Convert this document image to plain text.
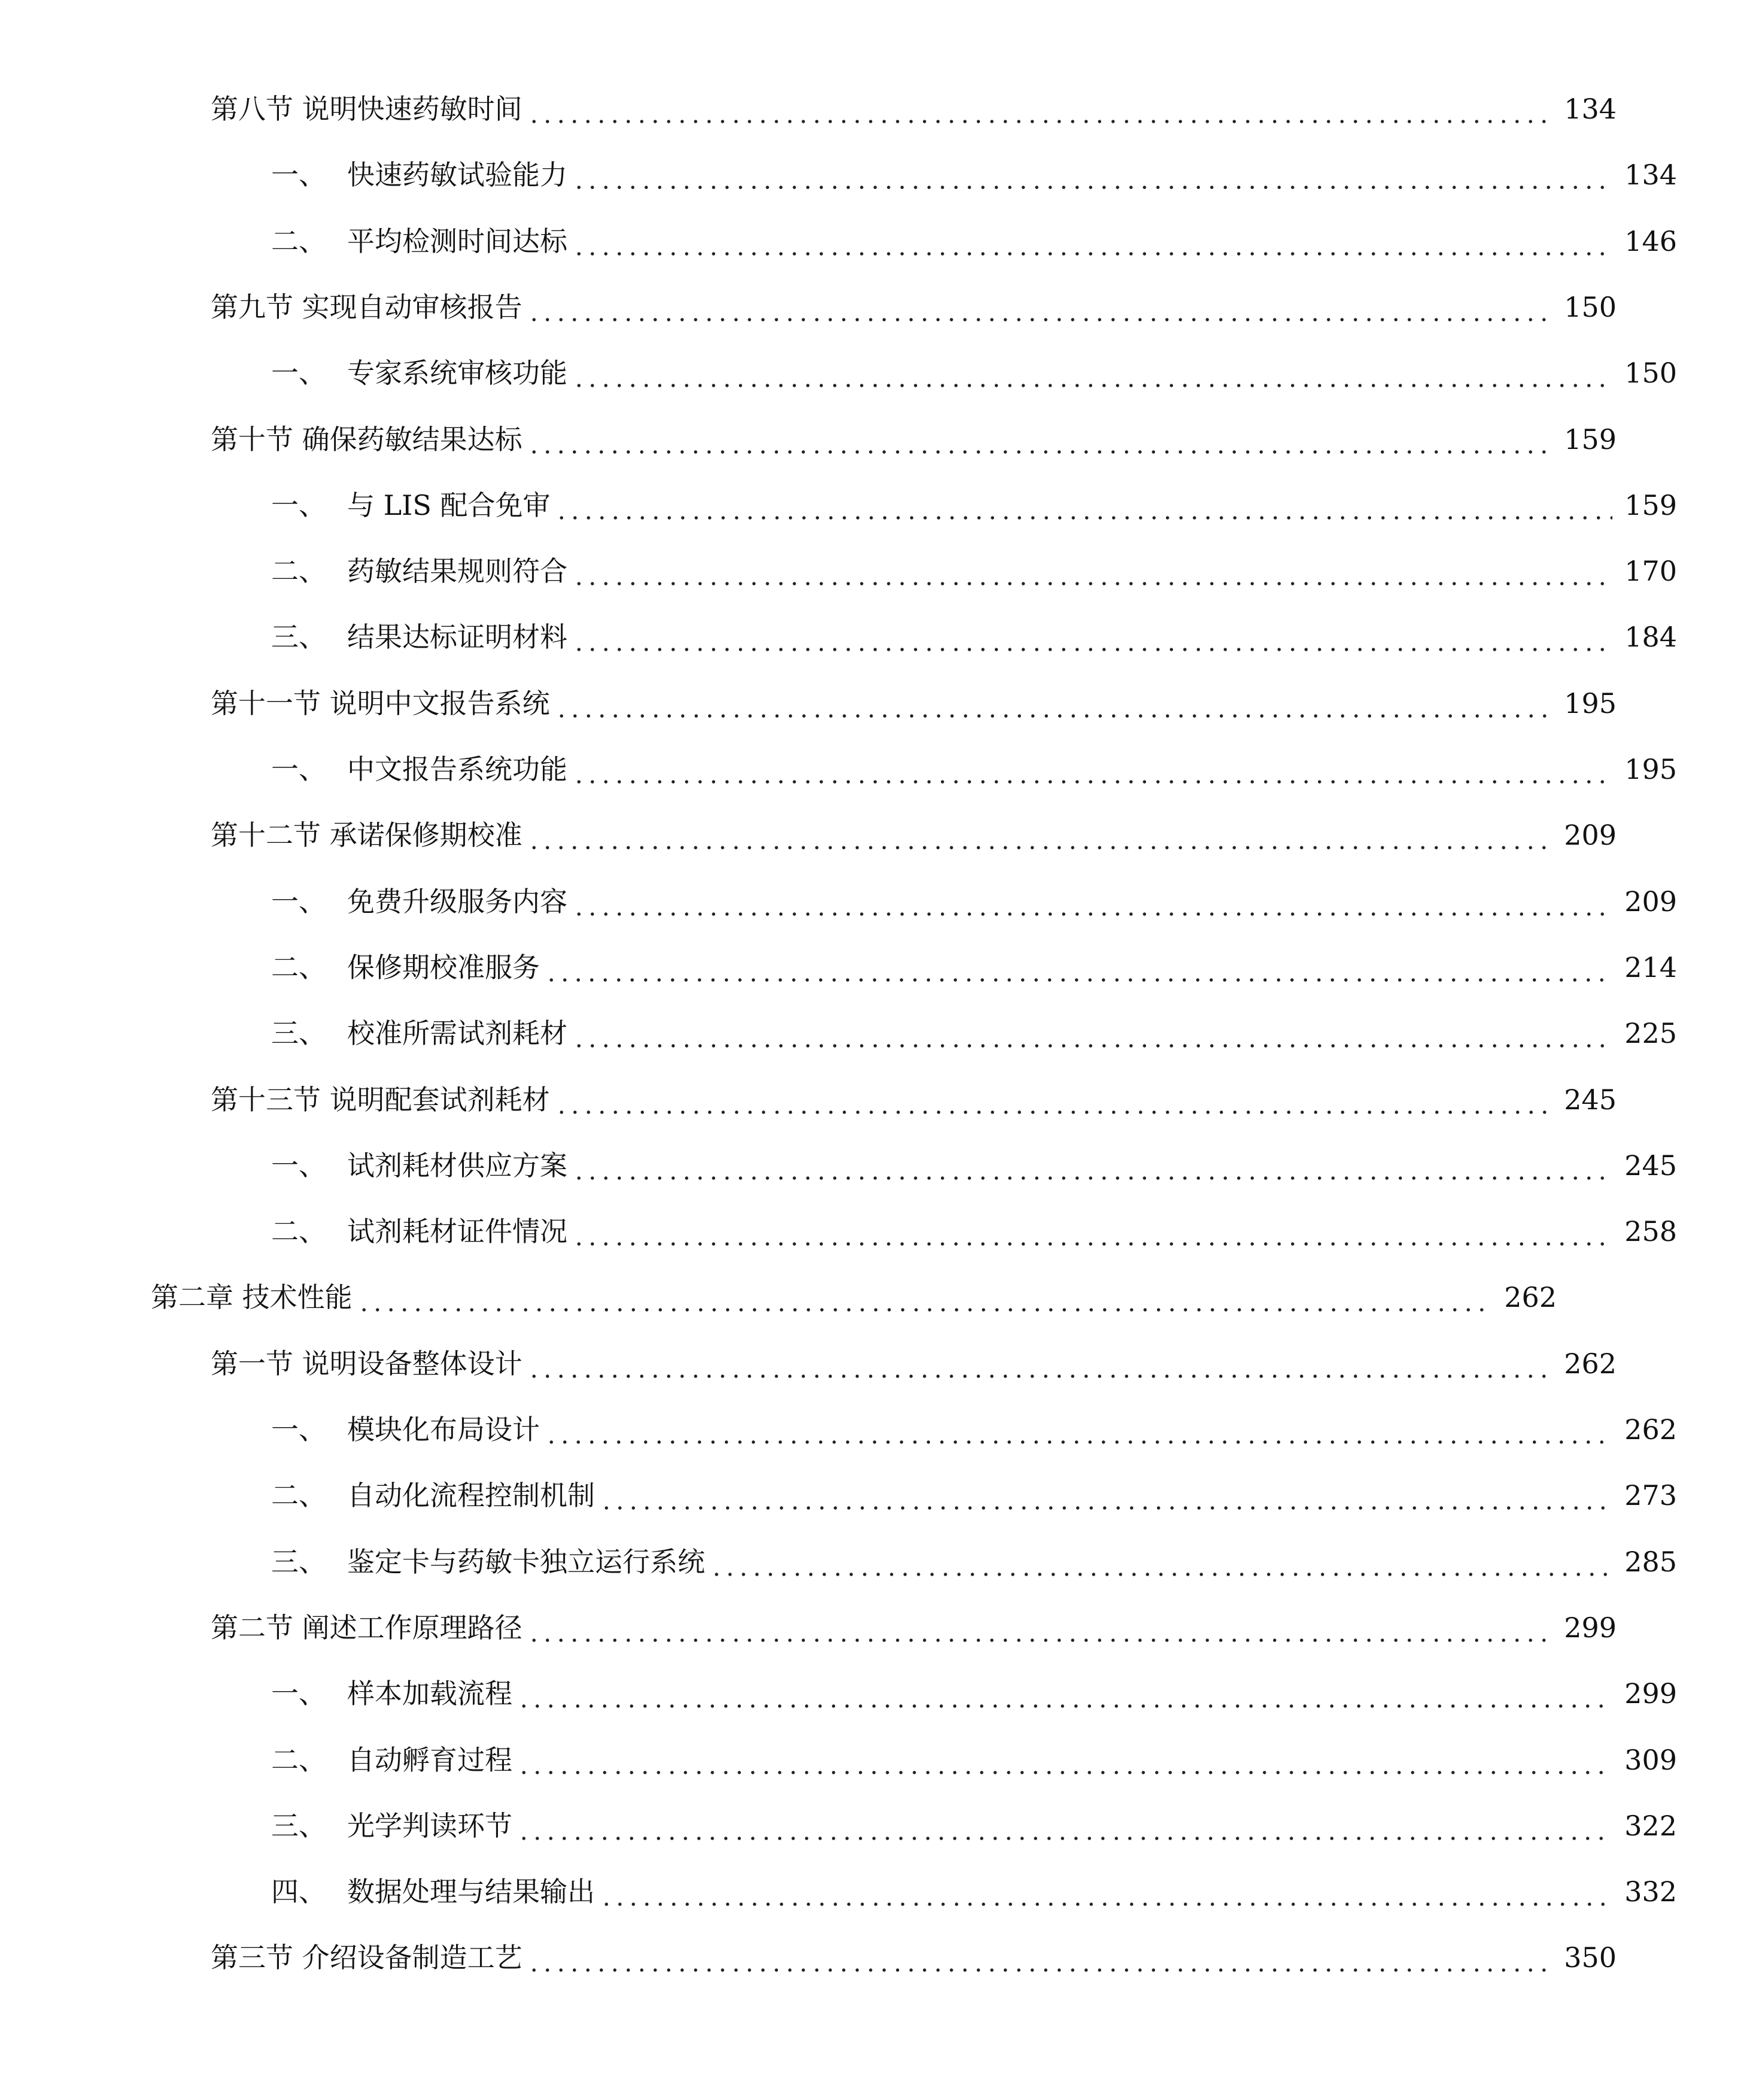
第八节 说明快速药敏时间	134
一、 快速药敏试验能力	134
二、 平均检测时间达标	146
第九节 实现自动审核报告	150
一、 专家系统审核功能	150
第十节 确保药敏结果达标	159
一、 与 LIS 配合免审	159
二、 药敏结果规则符合	170
三、 结果达标证明材料	184
第十一节 说明中文报告系统	195
一、 中文报告系统功能	195
第十二节 承诺保修期校准	209
一、 免费升级服务内容	209
二、 保修期校准服务	214
三、 校准所需试剂耗材	225
第十三节 说明配套试剂耗材	245
一、 试剂耗材供应方案	245
二、 试剂耗材证件情况	258
第二章 技术性能	262
第一节 说明设备整体设计	262
一、 模块化布局设计	262
二、 自动化流程控制机制	273
三、 鉴定卡与药敏卡独立运行系统	285
第二节 阐述工作原理路径	299
一、 样本加载流程	299
二、 自动孵育过程	309
三、 光学判读环节	322
四、 数据处理与结果输出	332
第三节 介绍设备制造工艺	350
